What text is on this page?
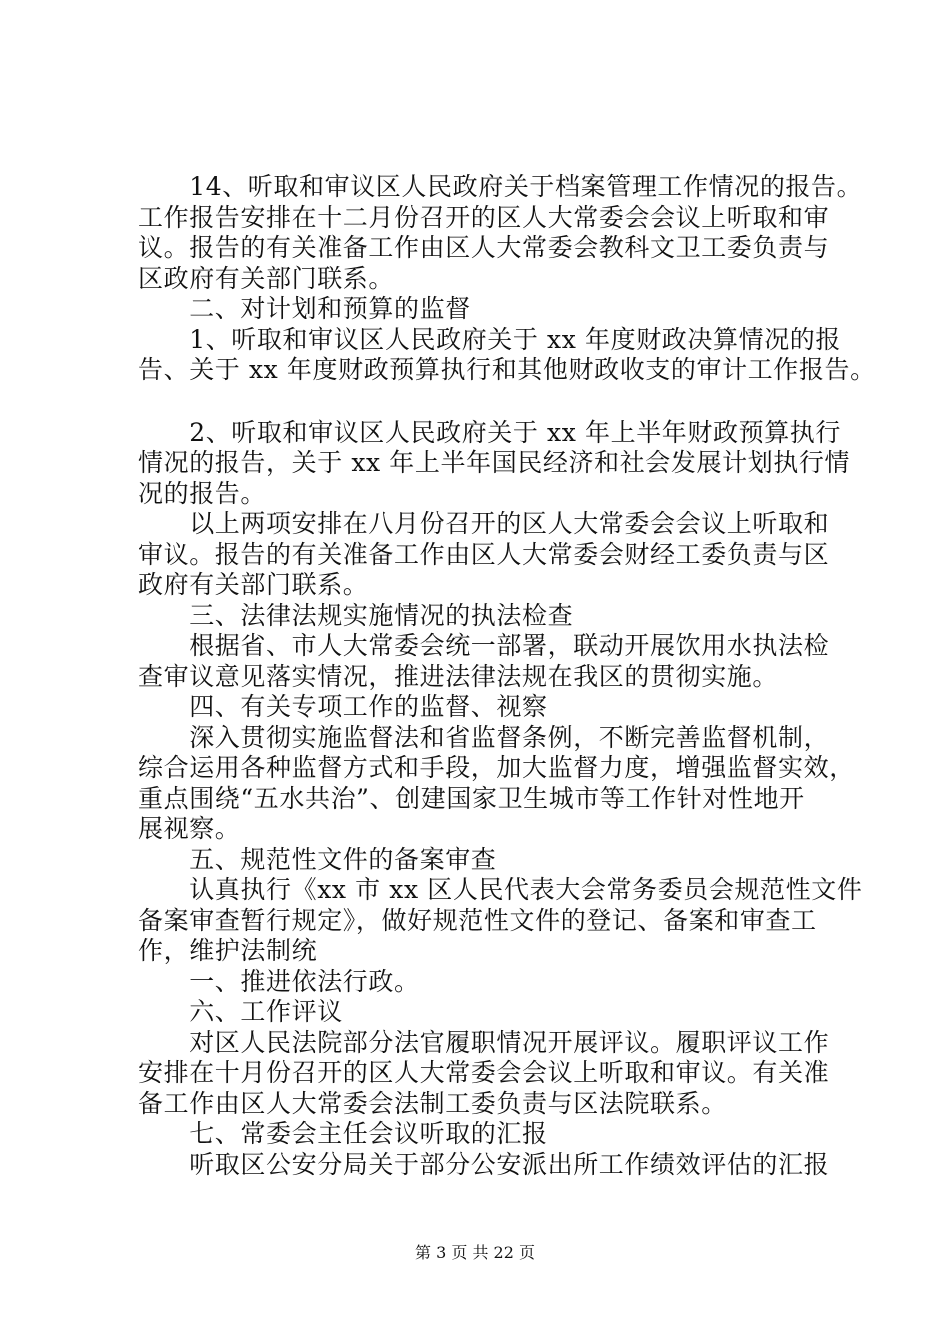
　　14、听取和审议区人民政府关于档案管理工作情况的报告。
工作报告安排在十二月份召开的区人大常委会会议上听取和审
议。报告的有关准备工作由区人大常委会教科文卫工委负责与
区政府有关部门联系。
　　二、对计划和预算的监督
　　1、听取和审议区人民政府关于 xx 年度财政决算情况的报
告、关于 xx 年度财政预算执行和其他财政收支的审计工作报告。
　　2、听取和审议区人民政府关于 xx 年上半年财政预算执行
情况的报告，关于 xx 年上半年国民经济和社会发展计划执行情
况的报告。
　　以上两项安排在八月份召开的区人大常委会会议上听取和
审议。报告的有关准备工作由区人大常委会财经工委负责与区
政府有关部门联系。
　　三、法律法规实施情况的执法检查
　　根据省、市人大常委会统一部署，联动开展饮用水执法检
查审议意见落实情况，推进法律法规在我区的贯彻实施。
　　四、有关专项工作的监督、视察
　　深入贯彻实施监督法和省监督条例，不断完善监督机制，
综合运用各种监督方式和手段，加大监督力度，增强监督实效，
重点围绕“五水共治”、创建国家卫生城市等工作针对性地开
展视察。
　　五、规范性文件的备案审查
　　认真执行《xx 市 xx 区人民代表大会常务委员会规范性文件
备案审查暂行规定》，做好规范性文件的登记、备案和审查工
作，维护法制统
　　一、推进依法行政。
　　六、工作评议
　　对区人民法院部分法官履职情况开展评议。履职评议工作
安排在十月份召开的区人大常委会会议上听取和审议。有关准
备工作由区人大常委会法制工委负责与区法院联系。
　　七、常委会主任会议听取的汇报
　　听取区公安分局关于部分公安派出所工作绩效评估的汇报
第 3 页 共 22 页
